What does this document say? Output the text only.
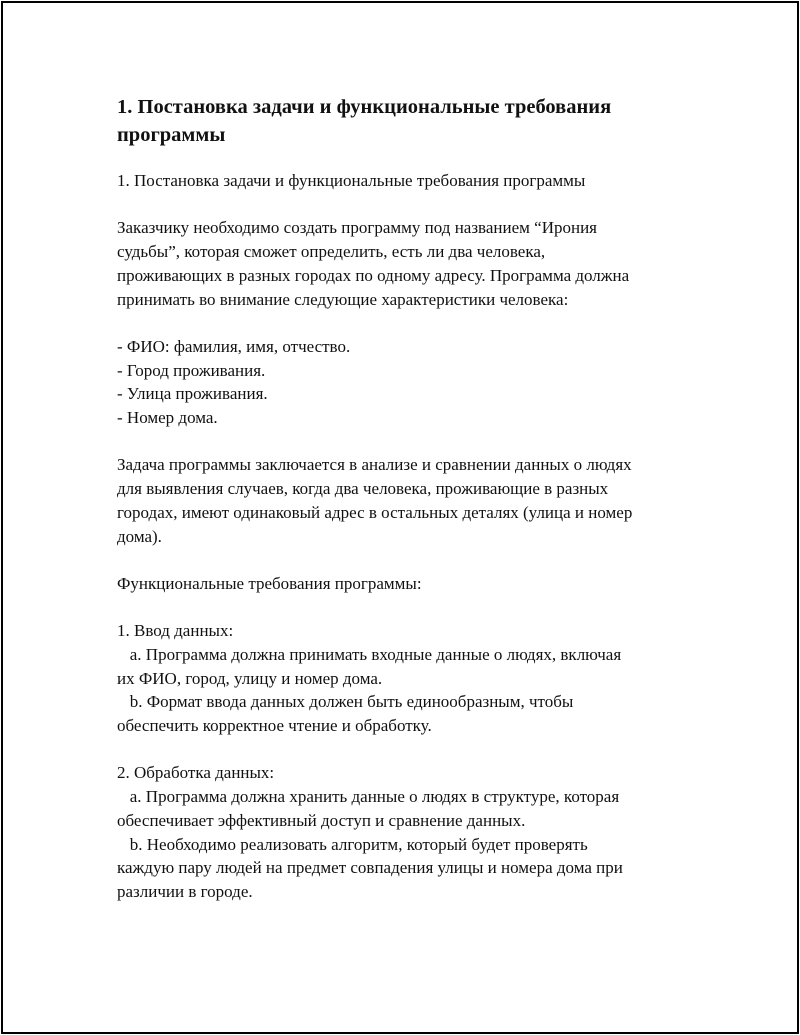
1. Постановка задачи и функциональные требования
программы
1. Постановка задачи и функциональные требования программы
Заказчику необходимо создать программу под названием “Ирония
судьбы”, которая сможет определить, есть ли два человека,
проживающих в разных городах по одному адресу. Программа должна
принимать во внимание следующие характеристики человека:
- ФИО: фамилия, имя, отчество.
- Город проживания.
- Улица проживания.
- Номер дома.
Задача программы заключается в анализе и сравнении данных о людях
для выявления случаев, когда два человека, проживающие в разных
городах, имеют одинаковый адрес в остальных деталях (улица и номер
дома).
Функциональные требования программы:
1. Ввод данных:
a. Программа должна принимать входные данные о людях, включая
их ФИО, город, улицу и номер дома.
b. Формат ввода данных должен быть единообразным, чтобы
обеспечить корректное чтение и обработку.
2. Обработка данных:
a. Программа должна хранить данные о людях в структуре, которая
обеспечивает эффективный доступ и сравнение данных.
b. Необходимо реализовать алгоритм, который будет проверять
каждую пару людей на предмет совпадения улицы и номера дома при
различии в городе.
